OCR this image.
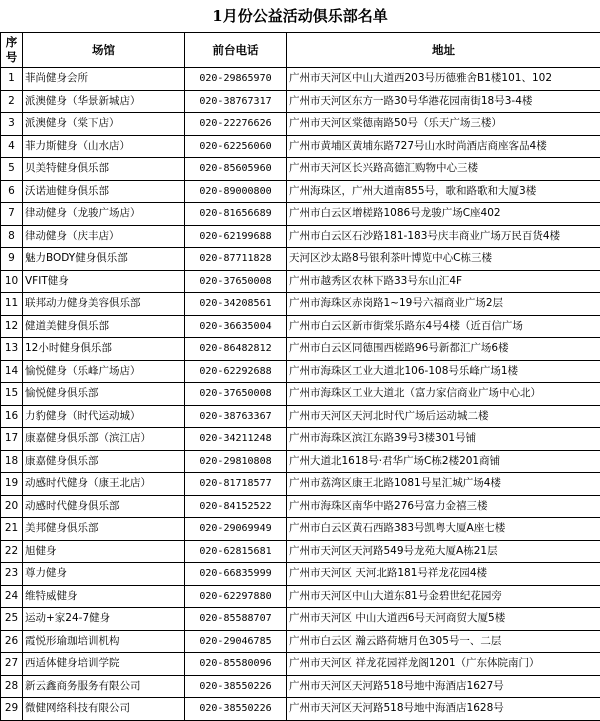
1月份公益活动俱乐部名单
序号	场馆	前台电话	地址
1	菲尚健身会所	020-29865970	广州市天河区中山大道西203号历德雅舍B1楼101、102
2	派澳健身（华景新城店）	020-38767317	广州市天河区东方一路30号华港花园南街18号3-4楼
3	派澳健身（棠下店）	020-22276626	广州市天河区棠德南路50号（乐天广场三楼）
4	菲力斯健身（山水店）	020-62256060	广州市黄埔区黄埔东路727号山水时尚酒店商座客品4楼
5	贝美特健身俱乐部	020-85605960	广州市天河区长兴路高德汇购物中心三楼
6	沃诺迪健身俱乐部	020-89000800	广州海珠区，广州大道南855号，歌和路歌和大厦3楼
7	律动健身（龙骏广场店）	020-81656689	广州市白云区增槎路1086号龙骏广场C座402
8	律动健身（庆丰店）	020-62199688	广州市白云区石沙路181-183号庆丰商业广场万民百货4楼
9	魅力BODY健身俱乐部	020-87711828	天河区沙太路8号银利茶叶博览中心C栋三楼
10	VFIT健身	020-37650008	广州市越秀区农林下路33号东山汇4F
11	联邦动力健身美容俱乐部	020-34208561	广州市海珠区赤岗路1~19号六福商业广场2层
12	健道美健身俱乐部	020-36635004	广州市白云区新市街棠乐路东4号4楼（近百信广场
13	12小时健身俱乐部	020-86482812	广州市白云区同德围西槎路96号新都汇广场6楼
14	愉悦健身（乐峰广场店）	020-62292688	广州市海珠区工业大道北106-108号乐峰广场1楼
15	愉悦健身俱乐部	020-37650008	广州市海珠区工业大道北（富力家信商业广场中心北）
16	力豹健身（时代运动城）	020-38763367	广州市天河区天河北时代广场后运动城二楼
17	康嘉健身俱乐部（滨江店）	020-34211248	广州市海珠区滨江东路39号3楼301号铺
18	康嘉健身俱乐部	020-29810808	广州大道北1618号·君华广场C栋2楼201商铺
19	动感时代健身（康王北店）	020-81718577	广州市荔湾区康王北路1081号星汇城广场4楼
20	动感时代健身俱乐部	020-84152522	广州市海珠区南华中路276号富力金禧三楼
21	美邦健身俱乐部	020-29069949	广州市白云区黄石西路383号凯粤大厦A座七楼
22	旭健身	020-62815681	广州市天河区天河路549号龙苑大厦A栋21层
23	尊力健身	020-66835999	广州市天河区 天河北路181号祥龙花园4楼
24	维特威健身	020-62297880	广州市天河区中山大道东81号金碧世纪花园旁
25	运动+家24-7健身	020-85588707	广州市天河区 中山大道西6号天河商贸大厦5楼
26	霞悦形瑜珈培训机构	020-29046785	广州市白云区 瀚云路荷塘月色305号一、二层
27	西适体健身培训学院	020-85580096	广州市天河区 祥龙花园祥龙阁1201（广东体院南门）
28	新云鑫商务服务有限公司	020-38550226	广州市天河区天河路518号地中海酒店1627号
29	微健网络科技有限公司	020-38550226	广州市天河区天河路518号地中海酒店1628号
